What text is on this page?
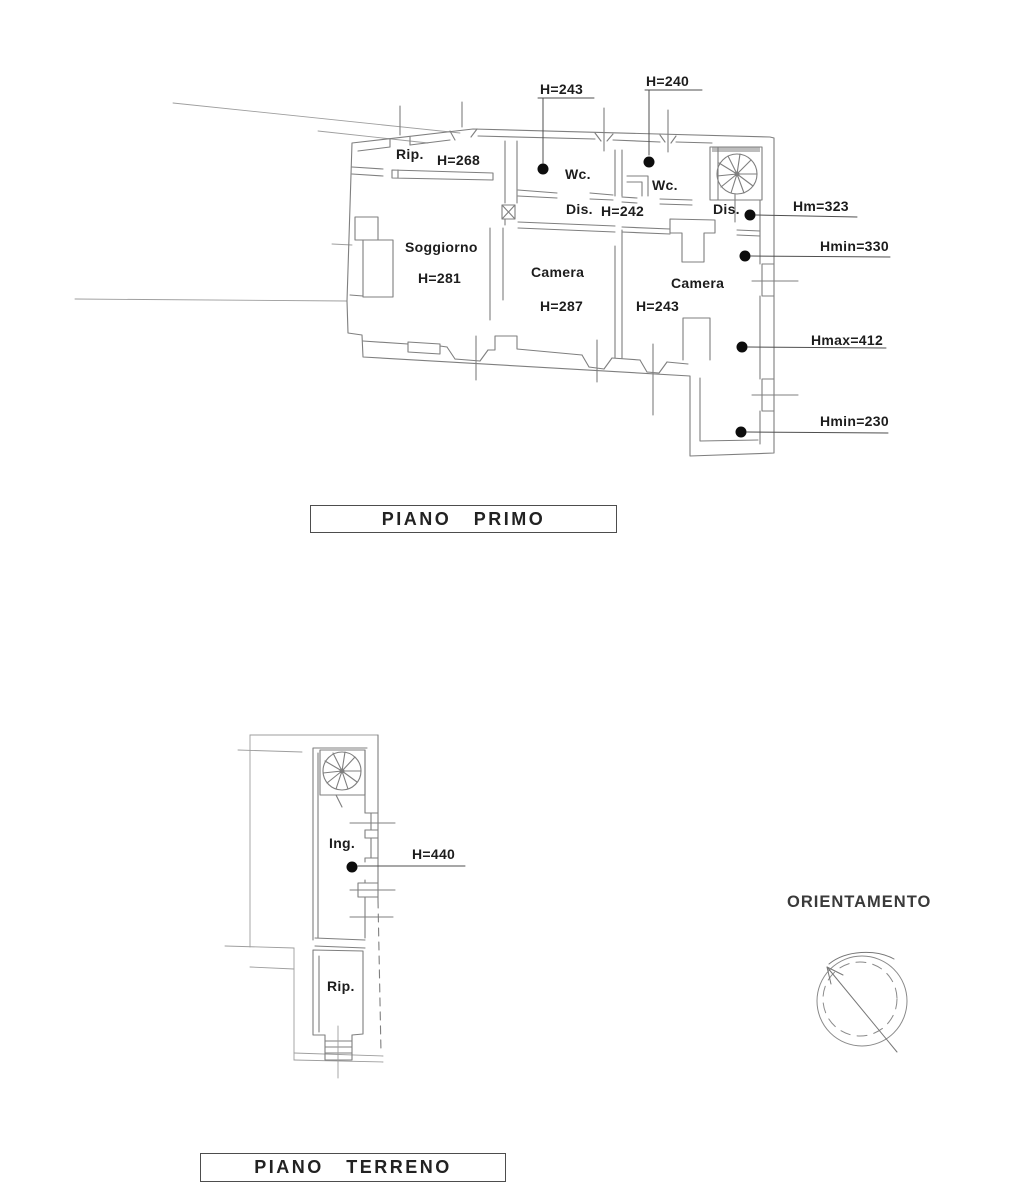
H=243	H=240
Rip. H=268
Wc.
Wc.
Dis. H=242	Dis.
Soggiorno
H=281	Camera
H=287
Camera
H=243
Hm=323
Hmin=330
Hmax=412
Hmin=230
PIANO   PRIMO
Ing.
H=440
Rip.
PIANO   TERRENO
ORIENTAMENTO
